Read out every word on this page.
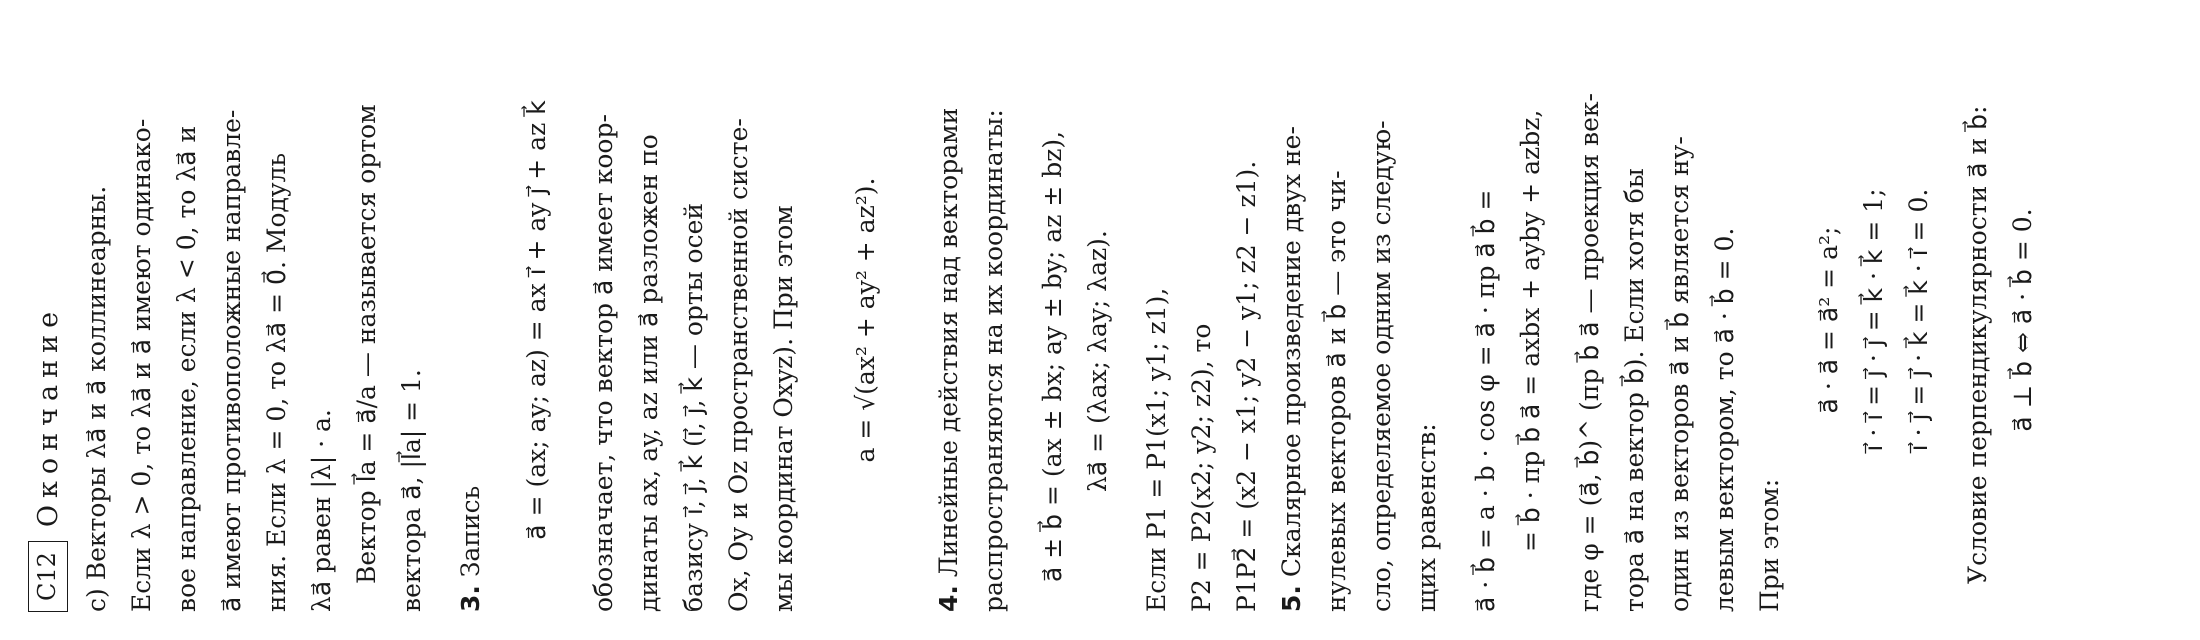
С12
Окончание с) Векторы λa⃗ и a⃗ коллинеарны. Если λ > 0, то λa⃗ и a⃗ имеют одинако- вое направление, если λ < 0, то λa⃗ и a⃗ имеют противоположные направле- ния. Если λ = 0, то λa⃗ = 0⃗. Модуль λa⃗ равен |λ| · a. Вектор l⃗a = a⃗/a — называется ортом вектора a⃗, |l⃗a| = 1.	3. Запись	a⃗ = (ax; ay; az) = ax i⃗ + ay j⃗ + az k⃗	обозначает, что вектор a⃗ имеет коор- динаты ax, ay, az или a⃗ разложен по базису i⃗, j⃗, k⃗ (i⃗, j⃗, k⃗ — орты осей Ox, Oy и Oz пространственной систе- мы координат Oxyz). При этом	a = √(ax² + ay² + az²).

4. Линейные действия над векторами распространяются на их координаты:	a⃗ ± b⃗ = (ax ± bx; ay ± by; az ± bz), λa⃗ = (λax; λay; λaz).	Если P1 = P1(x1; y1; z1), P2 = P2(x2; y2; z2), то P1P2⃗ = (x2 − x1; y2 − y1; z2 − z1). 5. Скалярное произведение двух не- нулевых векторов a⃗ и b⃗ — это чи- сло, определяемое одним из следую- щих равенств:	a⃗ · b⃗ = a · b · cos φ = a⃗ · пр a⃗ b⃗ = = b⃗ · пр b⃗ a⃗ = axbx + ayby + azbz,	где φ = (a⃗, b⃗)^ (пр b⃗ a⃗ — проекция век- тора a⃗ на вектор b⃗). Если хотя бы один из векторов a⃗ и b⃗ является ну- левым вектором, то a⃗ · b⃗ = 0. При этом:

a⃗ · a⃗ = a⃗² = a²; i⃗ · i⃗ = j⃗ · j⃗ = k⃗ · k⃗ = 1; i⃗ · j⃗ = j⃗ · k⃗ = k⃗ · i⃗ = 0.	Условие перпендикулярности a⃗ и b⃗: a⃗ ⊥ b⃗ ⇔ a⃗ · b⃗ = 0.
